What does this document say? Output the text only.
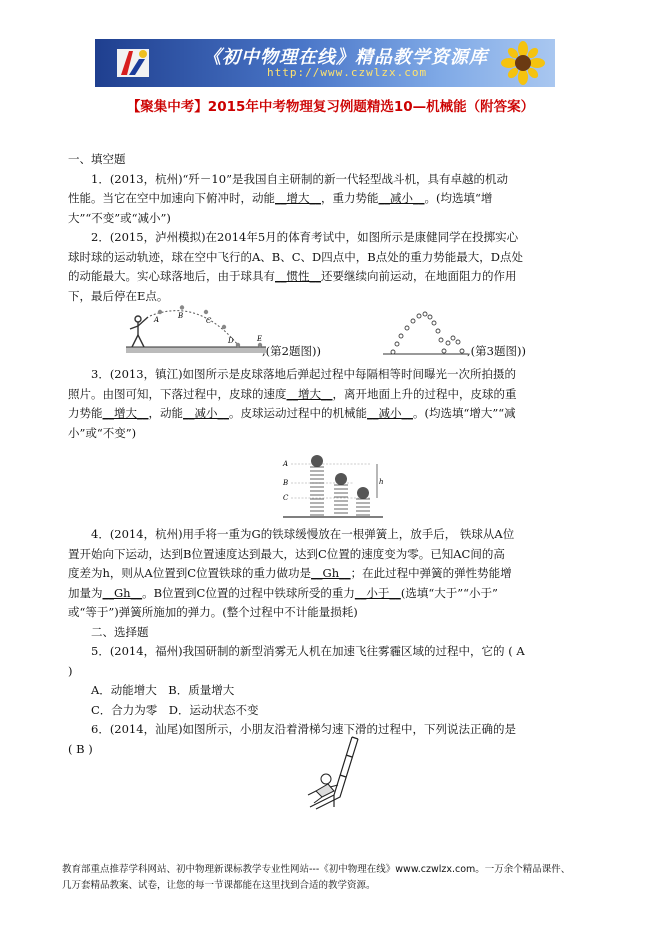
《初中物理在线》精品教学资源库
http://www.czwlzx.com
【聚集中考】2015年中考物理复习例题精选10—机械能（附答案）

一、填空题

1．(2013，杭州)“歼－10”是我国自主研制的新一代轻型战斗机，具有卓越的机动

性能。当它在空中加速向下俯冲时，动能__增大__，重力势能__减小__。(均选填“增

大”“不变”或“减小”)

2．(2015，泸州模拟)在2014年5月的体育考试中，如图所示是康健同学在投掷实心

球时球的运动轨迹，球在空中飞行的A、B、C、D四点中，B点处的重力势能最大，D点处

的动能最大。实心球落地后，由于球具有__惯性__还要继续向前运动，在地面阻力的作用

下，最后停在E点。

A	B
C
D	E
,(第2题图))	,(第3题图))

3．(2013，镇江)如图所示是皮球落地后弹起过程中每隔相等时间曝光一次所拍摄的

照片。由图可知，下落过程中，皮球的速度__增大__，离开地面上升的过程中，皮球的重

力势能__增大__，动能__减小__。皮球运动过程中的机械能__减小__。(均选填“增大”“减

小”或“不变”)

A
B
C
h

4．(2014，杭州)用手将一重为G的铁球缓慢放在一根弹簧上，放手后， 铁球从A位

置开始向下运动，达到B位置速度达到最大，达到C位置的速度变为零。已知AC间的高

度差为h，则从A位置到C位置铁球的重力做功是__Gh__；在此过程中弹簧的弹性势能增

加量为__Gh__。B位置到C位置的过程中铁球所受的重力__小于__(选填“大于”“小于”

或“等于”)弹簧所施加的弹力。(整个过程中不计能量损耗)

二、选择题

5．(2014，福州)我国研制的新型消雾无人机在加速飞往雾霾区域的过程中，它的 ( A

)

A．动能增大　B．质量增大

C．合力为零　D．运动状态不变

6．(2014，汕尾)如图所示，小朋友沿着滑梯匀速下滑的过程中，下列说法正确的是

( B )

教育部重点推荐学科网站、初中物理新课标教学专业性网站---《初中物理在线》www.czwlzx.com。一万余个精品课件、
几万套精品教案、试卷，让您的每一节课都能在这里找到合适的教学资源。
